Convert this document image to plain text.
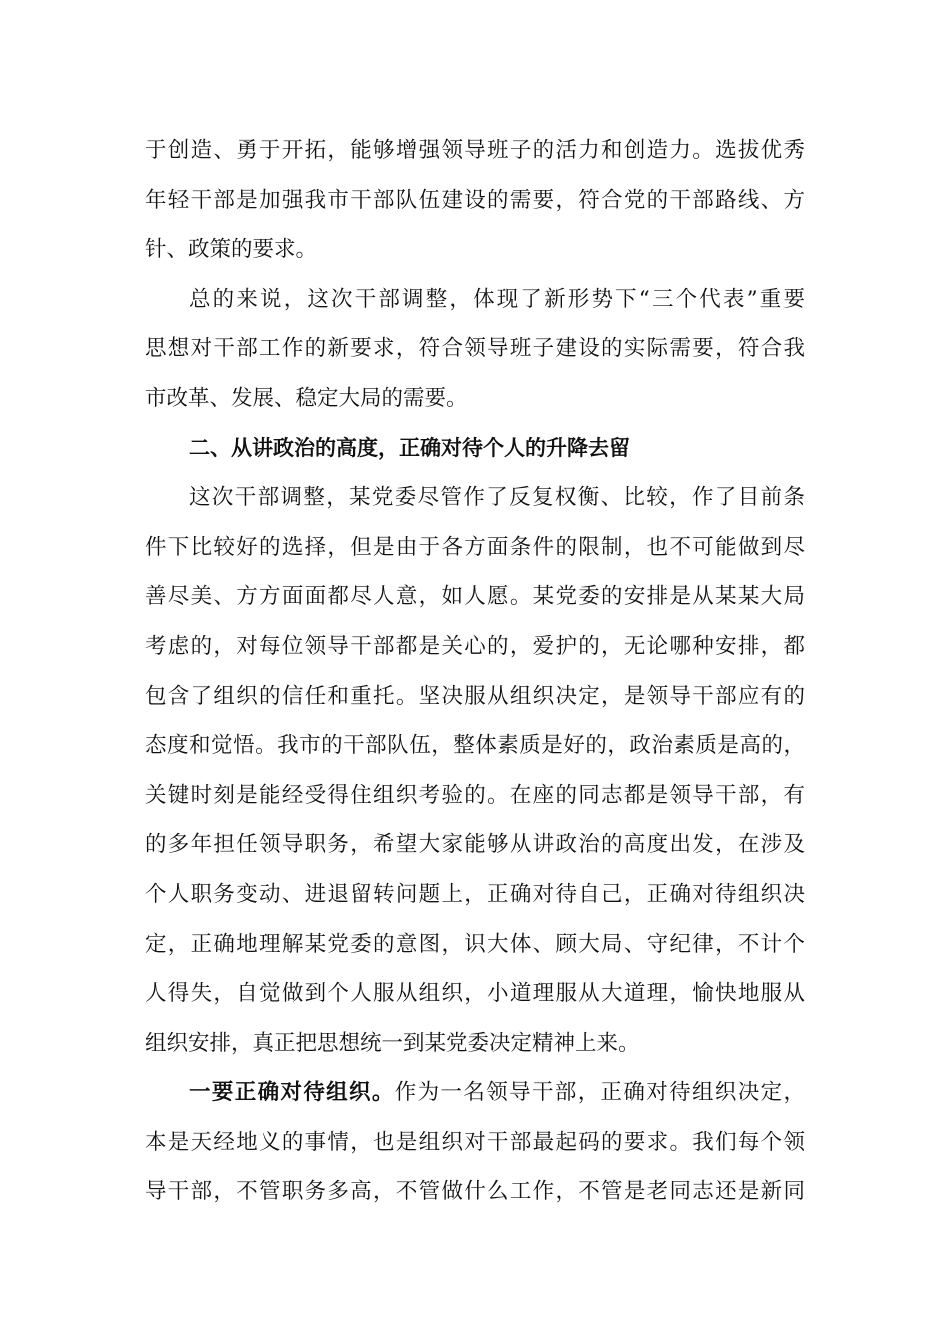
于创造、勇于开拓，能够增强领导班子的活力和创造力。选拔优秀
年轻干部是加强我市干部队伍建设的需要，符合党的干部路线、方
针、政策的要求。
总的来说，这次干部调整，体现了新形势下“三个代表”重要
思想对干部工作的新要求，符合领导班子建设的实际需要，符合我
市改革、发展、稳定大局的需要。
二、从讲政治的高度，正确对待个人的升降去留
这次干部调整，某党委尽管作了反复权衡、比较，作了目前条
件下比较好的选择，但是由于各方面条件的限制，也不可能做到尽
善尽美、方方面面都尽人意，如人愿。某党委的安排是从某某大局
考虑的，对每位领导干部都是关心的，爱护的，无论哪种安排，都
包含了组织的信任和重托。坚决服从组织决定，是领导干部应有的
态度和觉悟。我市的干部队伍，整体素质是好的，政治素质是高的，
关键时刻是能经受得住组织考验的。在座的同志都是领导干部，有
的多年担任领导职务，希望大家能够从讲政治的高度出发，在涉及
个人职务变动、进退留转问题上，正确对待自己，正确对待组织决
定，正确地理解某党委的意图，识大体、顾大局、守纪律，不计个
人得失，自觉做到个人服从组织，小道理服从大道理，愉快地服从
组织安排，真正把思想统一到某党委决定精神上来。
一要正确对待组织。作为一名领导干部，正确对待组织决定，
本是天经地义的事情，也是组织对干部最起码的要求。我们每个领
导干部，不管职务多高，不管做什么工作，不管是老同志还是新同
